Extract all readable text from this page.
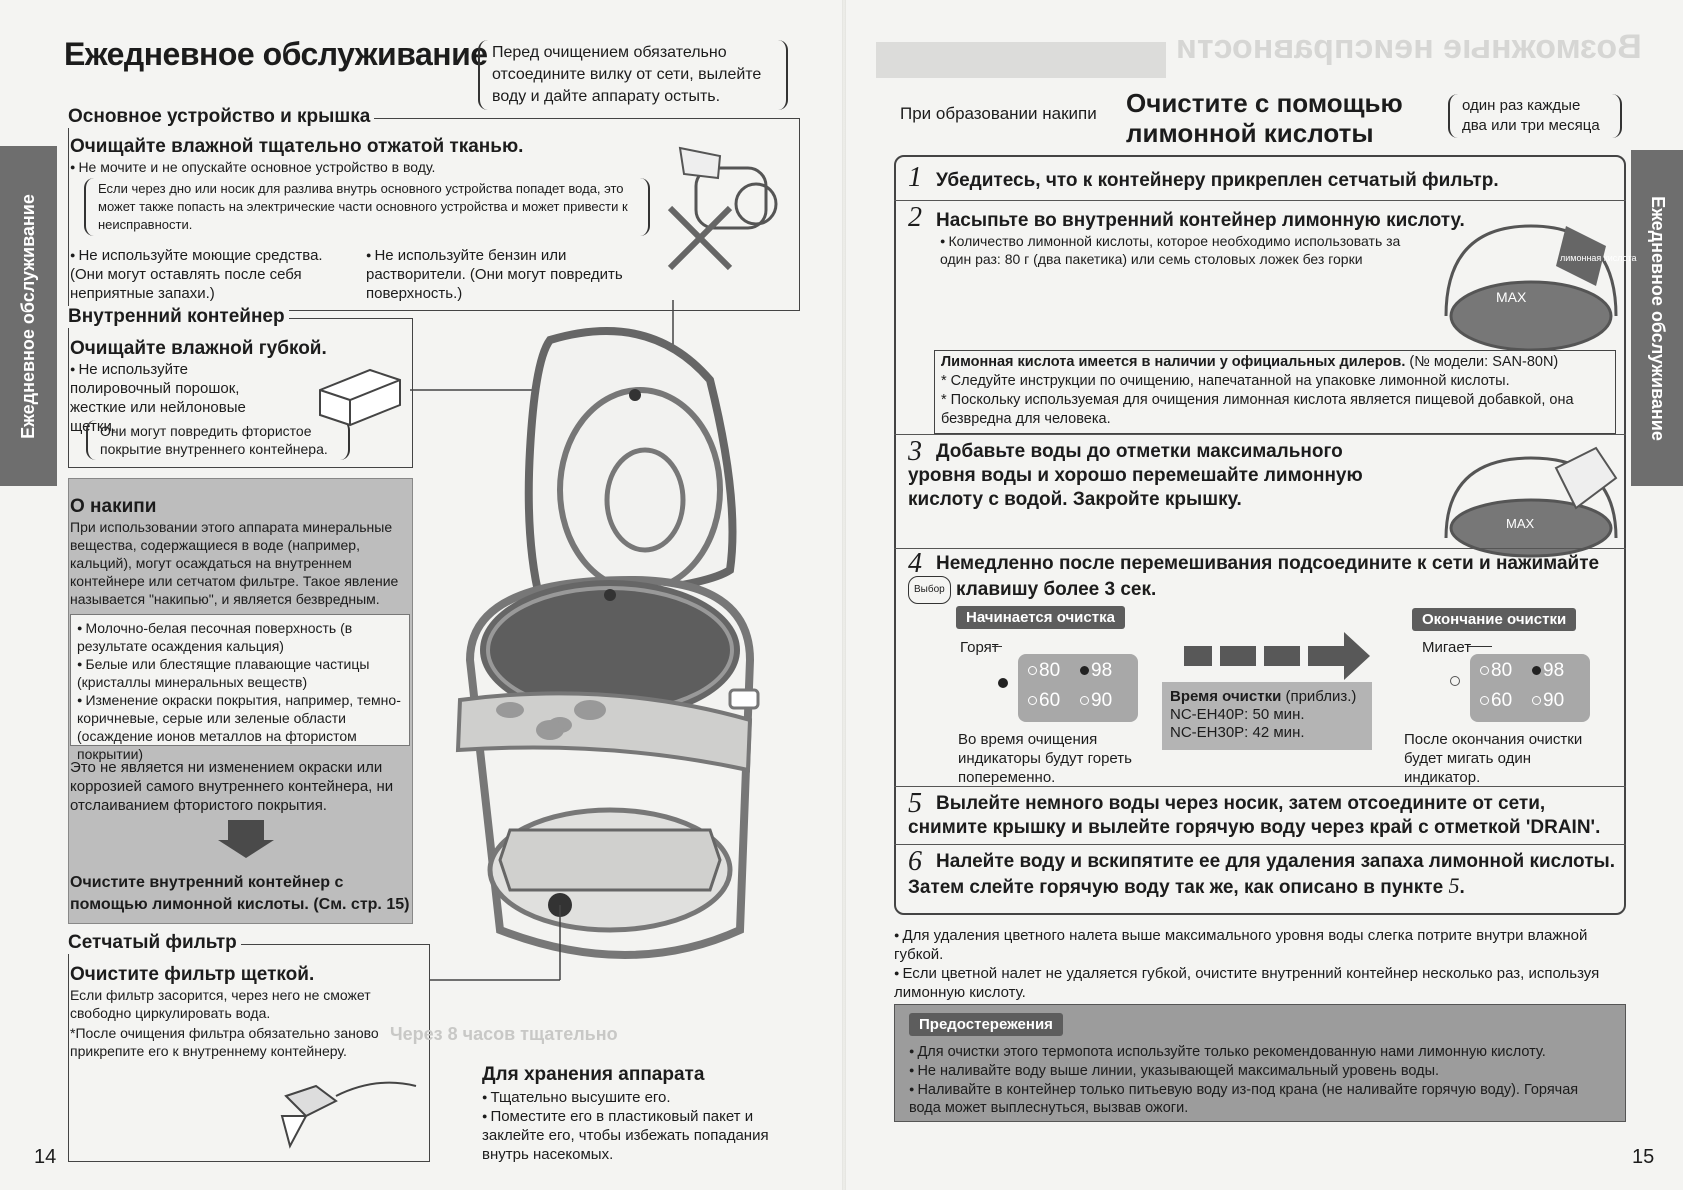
Ежедневное обслуживание
Ежедневное обслуживание Перед очищением обязательно отсоедините вилку от сети, вылейте воду и дайте аппарату остыть.
Основное устройство и крышка
Очищайте влажной тщательно отжатой тканью.
● Не мочите и не опускайте основное устройство в воду.
Если через дно или носик для разлива внутрь основного устройства попадет вода, это может также попасть на электрические части основного устройства и может привести к неисправности.
● Не используйте моющие средства. (Они могут оставлять после себя неприятные запахи.)
● Не используйте бензин или растворители. (Они могут повредить поверхность.)
Внутренний контейнер
Очищайте влажной губкой.
● Не используйте полировочный порошок, жесткие или нейлоновые щетки.
Они могут повредить фтористое покрытие внутреннего контейнера.
О накипи
При использовании этого аппарата минеральные вещества, содержащиеся в воде (например, кальций), могут осаждаться на внутреннем контейнере или сетчатом фильтре. Такое явление называется "накипью", и является безвредным.
● Молочно-белая песочная поверхность (в результате осаждения кальция)
● Белые или блестящие плавающие частицы (кристаллы минеральных веществ)
● Изменение окраски покрытия, например, темно-коричневые, серые или зеленые области (осаждение ионов металлов на фтористом покрытии)
Это не является ни изменением окраски или коррозией самого внутреннего контейнера, ни отслаиванием фтористого покрытия.
Очистите внутренний контейнер с помощью лимонной кислоты. (См. стр. 15)
Сетчатый фильтр
Очистите фильтр щеткой.
Если фильтр засорится, через него не сможет свободно циркулировать вода.
*После очищения фильтра обязательно заново прикрепите его к внутреннему контейнеру.
Для хранения аппарата
● Тщательно высушите его.
● Поместите его в пластиковый пакет и заклейте его, чтобы избежать попадания внутрь насекомых.
Через 8 часов тщательно
14
Ежедневное обслуживание
Возможные неисправности
При образовании накипи Очистите с помощью лимонной кислоты
один раз каждые два или три месяца
1 Убедитесь, что к контейнеру прикреплен сетчатый фильтр.
2 Насыпьте во внутренний контейнер лимонную кислоту.
● Количество лимонной кислоты, которое необходимо использовать за один раз: 80 г (два пакетика) или семь столовых ложек без горки
MAX
лимонная кислота
Лимонная кислота имеется в наличии у официальных дилеров. (№ модели: SAN-80N)
* Следуйте инструкции по очищению, напечатанной на упаковке лимонной кислоты.
* Поскольку используемая для очищения лимонная кислота является пищевой добавкой, она безвредна для человека.
3 Добавьте воды до отметки максимального уровня воды и хорошо перемешайте лимонную кислоту с водой. Закройте крышку.
MAX
4 Немедленно после перемешивания подсоедините к сети и нажимайте Выбор клавишу более 3 сек.
Начинается очистка	Окончание очистки
Горят
80	98
60	90
Во время очищения индикаторы будут гореть попеременно.
Время очистки (приблиз.)
NC-EH40P: 50 мин.
NC-EH30P: 42 мин.
Мигает
80	98
60	90
После окончания очистки будет мигать один индикатор.
5 Вылейте немного воды через носик, затем отсоедините от сети, снимите крышку и вылейте горячую воду через край с отметкой 'DRAIN'.
6 Налейте воду и вскипятите ее для удаления запаха лимонной кислоты. Затем слейте горячую воду так же, как описано в пункте 5.
● Для удаления цветного налета выше максимального уровня воды слегка потрите внутри влажной губкой.
● Если цветной налет не удаляется губкой, очистите внутренний контейнер несколько раз, используя лимонную кислоту.
Предостережения
● Для очистки этого термопота используйте только рекомендованную нами лимонную кислоту.
● Не наливайте воду выше линии, указывающей максимальный уровень воды.
● Наливайте в контейнер только питьевую воду из-под крана (не наливайте горячую воду). Горячая вода может выплеснуться, вызвав ожоги.
15
